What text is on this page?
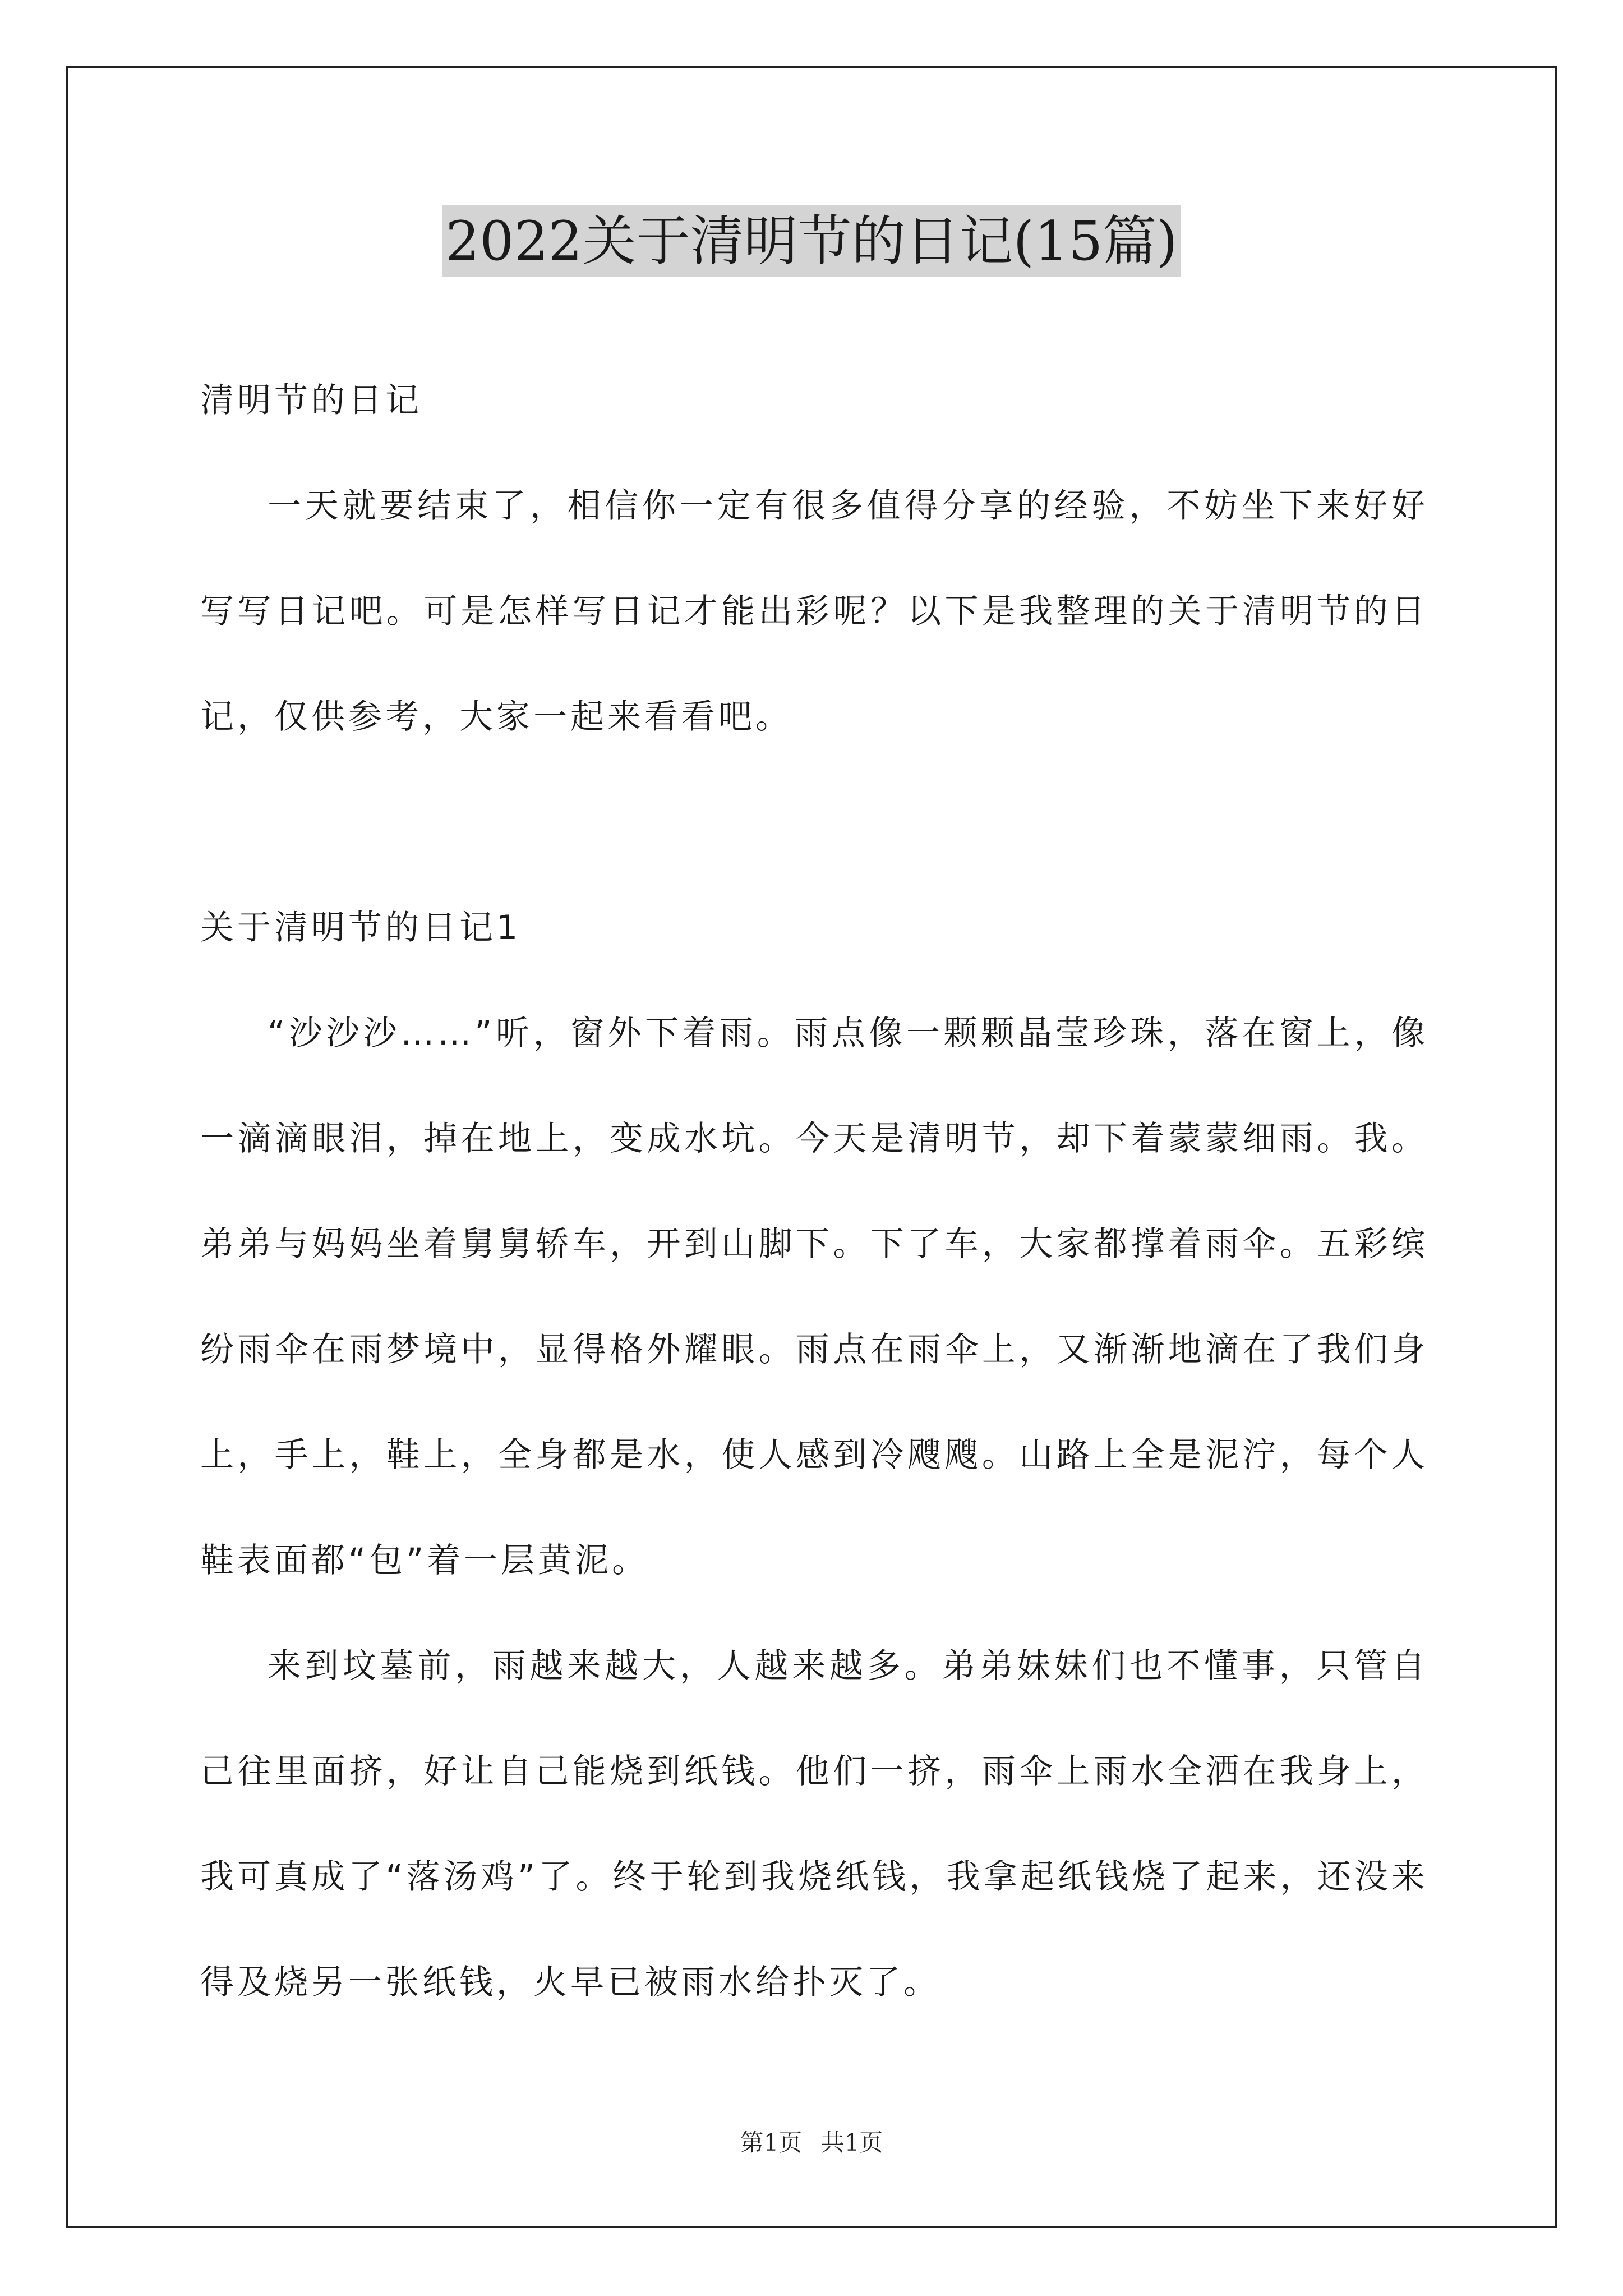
2022关于清明节的日记(15篇)

清明节的日记

一天就要结束了，相信你一定有很多值得分享的经验，不妨坐下来好好写写日记吧。可是怎样写日记才能出彩呢？以下是我整理的关于清明节的日记，仅供参考，大家一起来看看吧。

关于清明节的日记1

“沙沙沙……”听，窗外下着雨。雨点像一颗颗晶莹珍珠，落在窗上，像一滴滴眼泪，掉在地上，变成水坑。今天是清明节，却下着蒙蒙细雨。我。弟弟与妈妈坐着舅舅轿车，开到山脚下。下了车，大家都撑着雨伞。五彩缤纷雨伞在雨梦境中，显得格外耀眼。雨点在雨伞上，又渐渐地滴在了我们身上，手上，鞋上，全身都是水，使人感到冷飕飕。山路上全是泥泞，每个人鞋表面都“包”着一层黄泥。

来到坟墓前，雨越来越大，人越来越多。弟弟妹妹们也不懂事，只管自己往里面挤，好让自己能烧到纸钱。他们一挤，雨伞上雨水全洒在我身上，我可真成了“落汤鸡”了。终于轮到我烧纸钱，我拿起纸钱烧了起来，还没来得及烧另一张纸钱，火早已被雨水给扑灭了。

第1页 共1页
